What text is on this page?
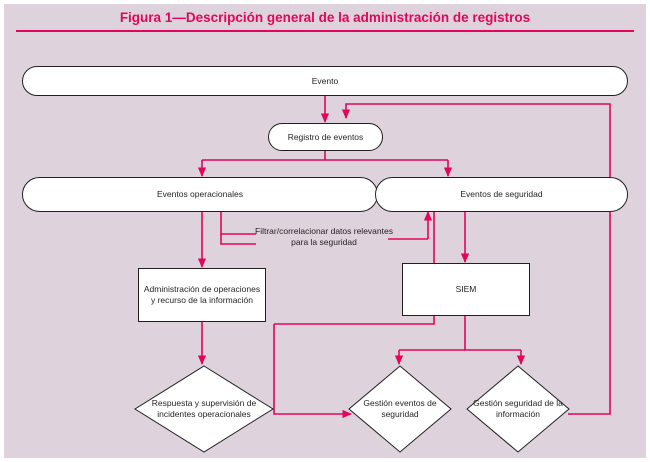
Figura 1—Descripción general de la administración de registros
Evento
Registro de eventos
Eventos operacionales	Eventos de seguridad
Filtrar/correlacionar datos relevantes para la seguridad
Administración de operaciones y recurso de la información
SIEM
Respuesta y supervisión de incidentes operacionales
Gestión eventos de seguridad
Gestión seguridad de la información
